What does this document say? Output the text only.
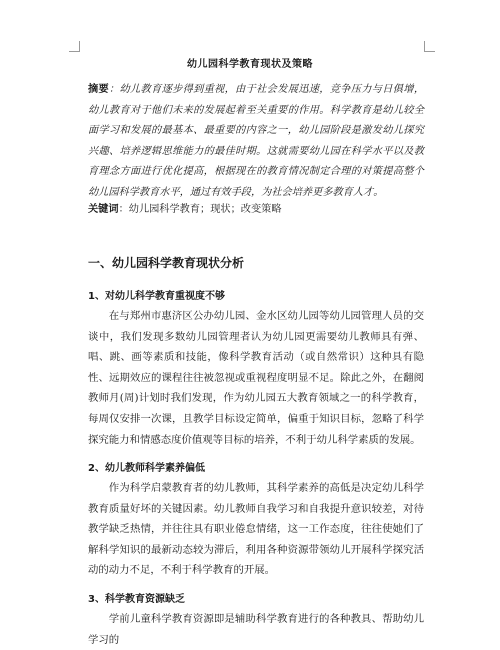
幼儿园科学教育现状及策略
摘要：幼儿教育逐步得到重视，由于社会发展迅速，竞争压力与日俱增，幼儿教育对于他们未来的发展起着至关重要的作用。科学教育是幼儿较全面学习和发展的最基本、最重要的内容之一，幼儿园阶段是激发幼儿探究兴趣、培养逻辑思维能力的最佳时期。这就需要幼儿园在科学水平以及教育理念方面进行优化提高，根据现在的教育情况制定合理的对策提高整个幼儿园科学教育水平，通过有效手段，为社会培养更多教育人才。
关键词：幼儿园科学教育；现状；改变策略
一、幼儿园科学教育现状分析
1、对幼儿科学教育重视度不够
在与郑州市惠济区公办幼儿园、金水区幼儿园等幼儿园管理人员的交谈中，我们发现多数幼儿园管理者认为幼儿园更需要幼儿教师具有弹、唱、跳、画等素质和技能，像科学教育活动（或自然常识）这种具有隐性、远期效应的课程往往被忽视或重视程度明显不足。除此之外，在翻阅教师月(周)计划时我们发现，作为幼儿园五大教育领域之一的科学教育，每周仅安排一次课，且教学目标设定简单，偏重于知识目标，忽略了科学探究能力和情感态度价值观等目标的培养，不利于幼儿科学素质的发展。
2、幼儿教师科学素养偏低
作为科学启蒙教育者的幼儿教师，其科学素养的高低是决定幼儿科学教育质量好坏的关键因素。幼儿教师自我学习和自我提升意识较差，对待教学缺乏热情，并往往具有职业倦怠情绪，这一工作态度，往往使她们了解科学知识的最新动态较为滞后，利用各种资源带领幼儿开展科学探究活动的动力不足，不利于科学教育的开展。
3、科学教育资源缺乏
学前儿童科学教育资源即是辅助科学教育进行的各种教具、帮助幼儿学习的
